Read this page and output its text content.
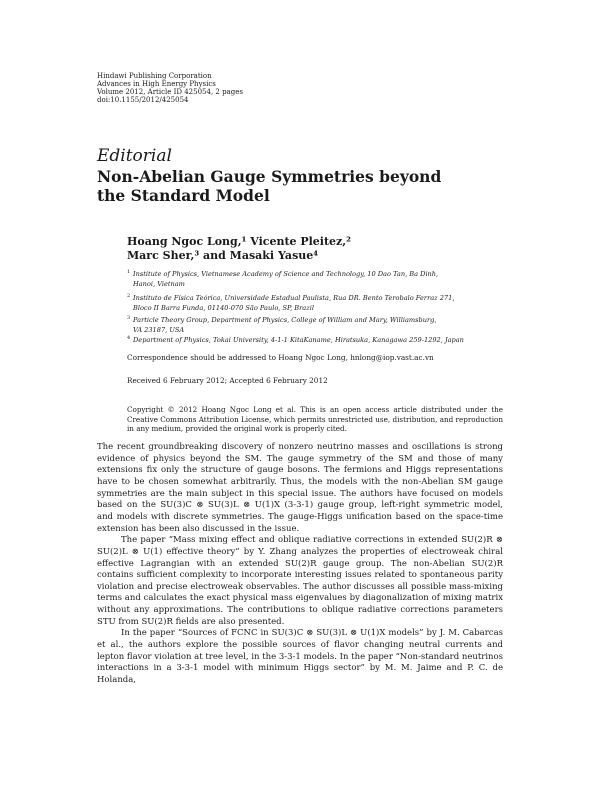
Hindawi Publishing Corporation
Advances in High Energy Physics
Volume 2012, Article ID 425054, 2 pages
doi:10.1155/2012/425054
Editorial
Non-Abelian Gauge Symmetries beyond
the Standard Model
Hoang Ngoc Long,¹ Vicente Pleitez,²
Marc Sher,³ and Masaki Yasue⁴
1 Institute of Physics, Vietnamese Academy of Science and Technology, 10 Dao Tan, Ba Dinh,
Hanoi, Vietnam
2 Instituto de Física Teórica, Universidade Estadual Paulista, Rua DR. Bento Terobalo Ferraz 271,
Bloco II Barra Funda, 01140-070 São Paulo, SP, Brazil
3 Particle Theory Group, Department of Physics, College of William and Mary, Williamsburg,
VA 23187, USA
4 Department of Physics, Tokai University, 4-1-1 KitaKaname, Hiratsuka, Kanagawa 259-1292, Japan
Correspondence should be addressed to Hoang Ngoc Long, hnlong@iop.vast.ac.vn
Received 6 February 2012; Accepted 6 February 2012
Copyright © 2012 Hoang Ngoc Long et al. This is an open access article distributed under the Creative Commons Attribution License, which permits unrestricted use, distribution, and reproduction in any medium, provided the original work is properly cited.
The recent groundbreaking discovery of nonzero neutrino masses and oscillations is strong
evidence of physics beyond the SM. The gauge symmetry of the SM and those of many
extensions fix only the structure of gauge bosons. The fermions and Higgs representations
have to be chosen somewhat arbitrarily. Thus, the models with the non-Abelian SM gauge
symmetries are the main subject in this special issue. The authors have focused on models
based on the SU(3)C ⊗ SU(3)L ⊗ U(1)X (3-3-1) gauge group, left-right symmetric model,
and models with discrete symmetries. The gauge-Higgs unification based on the space-time
extension has been also discussed in the issue.
The paper “Mass mixing effect and oblique radiative corrections in extended SU(2)R ⊗
SU(2)L ⊗ U(1) effective theory” by Y. Zhang analyzes the properties of electroweak chiral
effective Lagrangian with an extended SU(2)R gauge group. The non-Abelian SU(2)R
contains sufficient complexity to incorporate interesting issues related to spontaneous parity
violation and precise electroweak observables. The author discusses all possible mass-mixing
terms and calculates the exact physical mass eigenvalues by diagonalization of mixing matrix
without any approximations. The contributions to oblique radiative corrections parameters
STU from SU(2)R fields are also presented.
In the paper “Sources of FCNC in SU(3)C ⊗ SU(3)L ⊗ U(1)X models” by J. M. Cabarcas
et al., the authors explore the possible sources of flavor changing neutral currents and
lepton flavor violation at tree level, in the 3-3-1 models. In the paper “Non-standard neutrinos
interactions in a 3-3-1 model with minimum Higgs sector” by M. M. Jaime and P. C. de Holanda,
